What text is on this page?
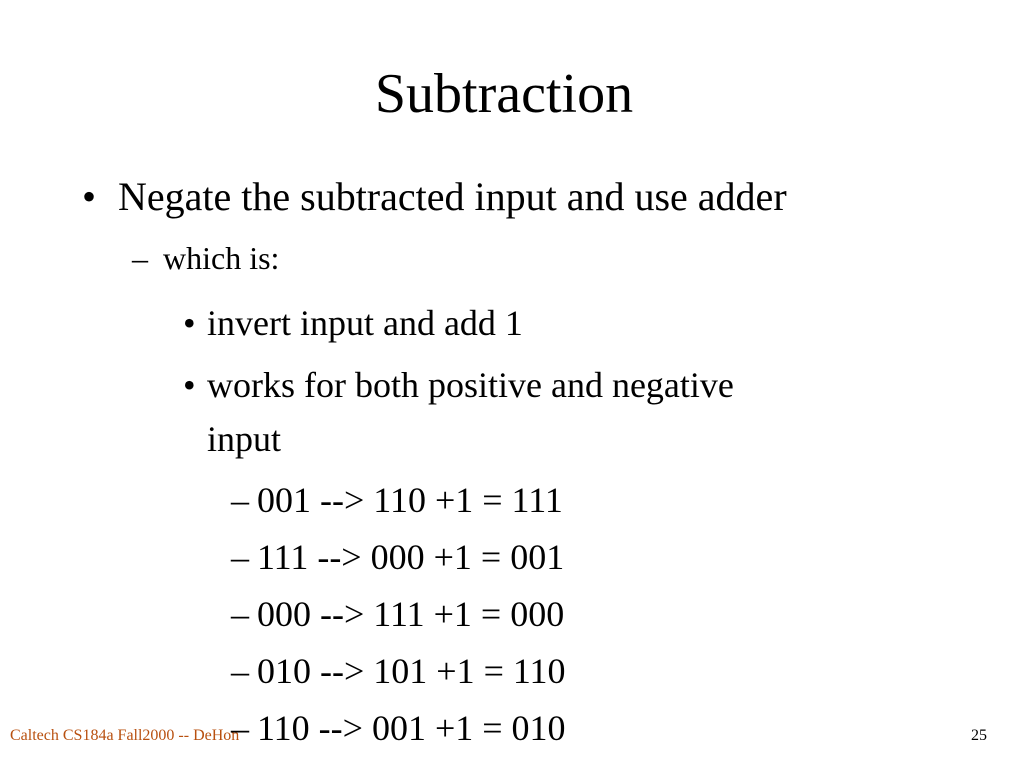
Subtraction
• Negate the subtracted input and use adder
– which is:
• invert input and add 1
• works for both positive and negative
input
– 001 --> 110 +1 = 111
– 111 --> 000 +1 = 001
– 000 --> 111 +1 = 000
– 010 --> 101 +1 = 110
– 110 --> 001 +1 = 010
Caltech CS184a Fall2000 -- DeHon	25
